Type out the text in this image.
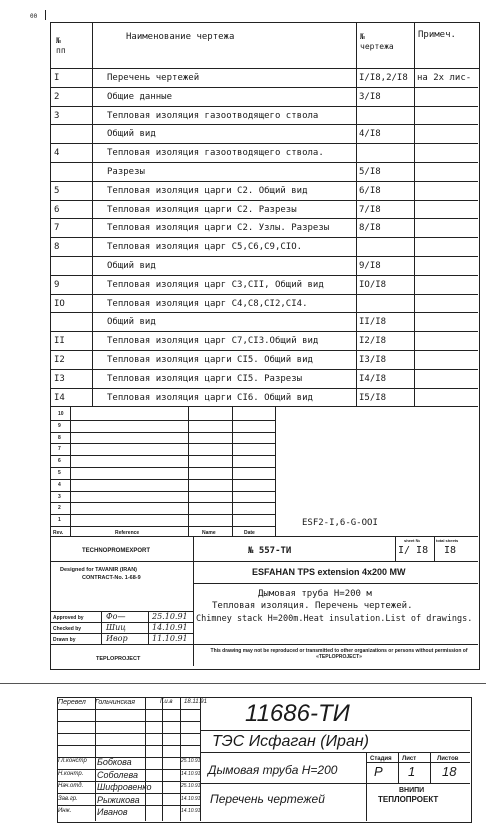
00
№
пп
Наименование чертежа	№
чертежа
Примеч.
I	Перечень чертежей	I/I8,2/I8 на 2х лис-
2	Общие данные	3/I8
3	Тепловая изоляция газоотводящего ствола
Общий вид	4/I8
4	Тепловая изоляция газоотводящего ствола.
Разрезы	5/I8
5	Тепловая изоляция царги С2. Общий вид	6/I8
6	Тепловая изоляция царги С2. Разрезы	7/I8
7	Тепловая изоляция царги С2. Узлы. Разрезы	8/I8
8	Тепловая изоляция царг С5,С6,С9,СIO.
Общий вид	9/I8
9	Тепловая изоляция царг С3,СII, Общий вид	IO/I8
IO	Тепловая изоляция царг С4,С8,СI2,СI4.
Общий вид	II/I8
II	Тепловая изоляция царг С7,СI3.Общий вид	I2/I8
I2	Тепловая изоляция царги СI5. Общий вид	I3/I8
I3	Тепловая изоляция царги СI5. Разрезы	I4/I8
I4	Тепловая изоляция царги СI6. Общий вид	I5/I8
10
9
8
7
6
5
4
3
2
1
Rev.	Reference	Name	Date
ESF2-I,6-G-OOI
TECHNOPROMEXPORT	№ 557-ТИ
sheet №
I/ I8
total sheets
I8
Designed for TAVANIR (IRAN)
CONTRACT-No. 1-68-9
ESFAHAN TPS extension 4x200 MW
Дымовая труба Н=200 м
Тепловая изоляция. Перечень чертежей.
Chimney stack H=200m.Heat insulation.List of drawings.
Approved by	Фо—	25.10.91
Checked by	Шиц	14.10.91
Drawn by	Ивор	11.10.91
TEPLOPROJECT
This drawing may not be reproduced or transmitted to other organizations or persons without permission of «TEPLOPROJECT»
Гл.констр Бобкова	25.10.91
Н.контр. Соболева	14.10.91
Нач.отд. Шифровенко	25.10.91
Зав.гр. Рыжикова	14.10.91
Инж.	Иванов	14.10.91
Перевел Гольчинская	Г.и.в 18.11.91 11686-ТИ
ТЭС Исфаган (Иран)
Дымовая труба Н=200
Перечень чертежей
Стадия Лист	Листов
Р 1 18
ВНИПИ
ТЕПЛОПРОЕКТ
